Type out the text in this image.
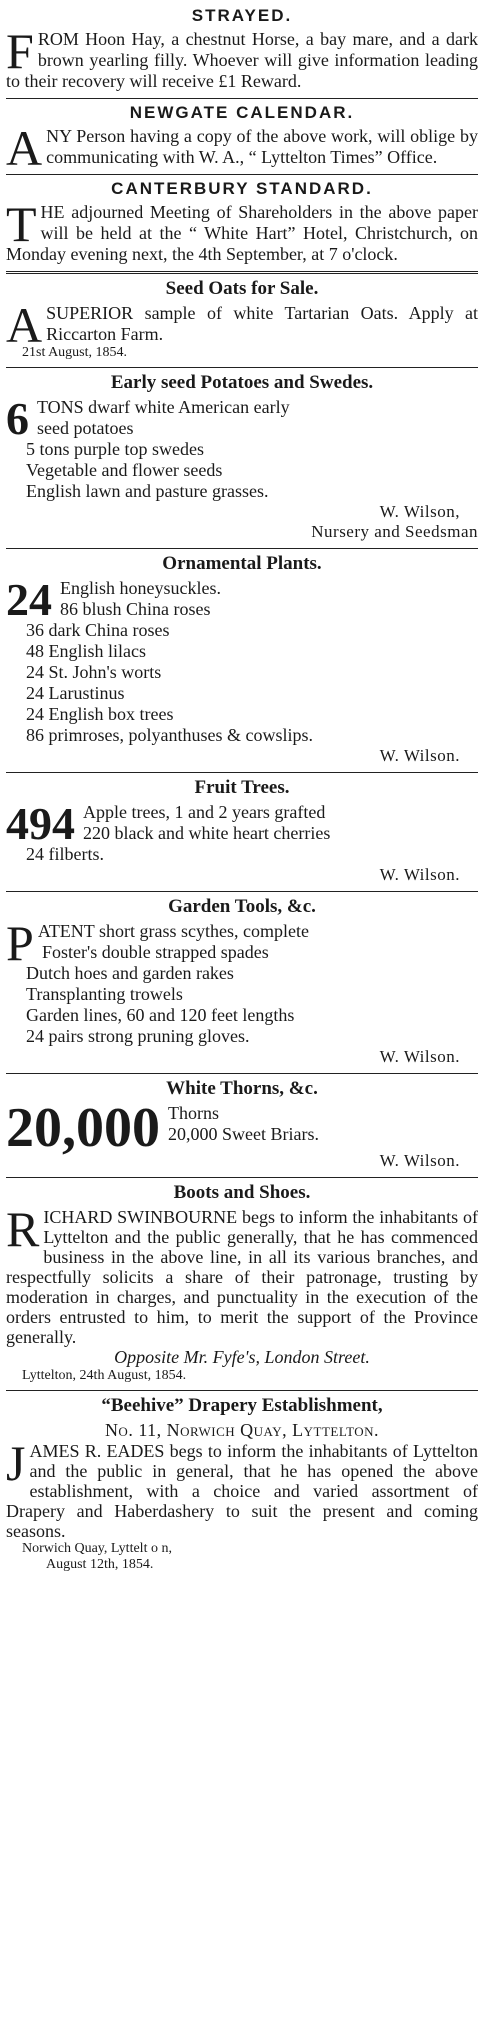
STRAYED.
F ROM Hoon Hay, a chestnut Horse, a bay mare, and a dark brown yearling filly. Whoever will give information leading to their recovery will receive £1 Reward.
NEWGATE CALENDAR.
A NY Person having a copy of the above work, will oblige by communicating with W. A., “ Lyttelton Times” Office.
CANTERBURY STANDARD.
T HE adjourned Meeting of Shareholders in the above paper will be held at the “ White Hart” Hotel, Christchurch, on Monday evening next, the 4th September, at 7 o'clock.
Seed Oats for Sale.
A SUPERIOR sample of white Tartarian Oats. Apply at Riccarton Farm.
21st August, 1854.
Early seed Potatoes and Swedes.
6 TONS dwarf white American early
seed potatoes
5 tons purple top swedes
Vegetable and flower seeds
English lawn and pasture grasses.
W. Wilson,
Nursery and Seedsman
Ornamental Plants.
24 English honeysuckles.
86 blush China roses
36 dark China roses
48 English lilacs
24 St. John's worts
24 Larustinus
24 English box trees
86 primroses, polyanthuses & cowslips.
W. Wilson.
Fruit Trees.
494 Apple trees, 1 and 2 years grafted
220 black and white heart cherries
24 filberts.
W. Wilson.
Garden Tools, &c.
P ATENT short grass scythes, complete
Foster's double strapped spades
Dutch hoes and garden rakes
Transplanting trowels
Garden lines, 60 and 120 feet lengths
24 pairs strong pruning gloves.
W. Wilson.
White Thorns, &c.
20,000 Thorns
20,000 Sweet Briars.
W. Wilson.
Boots and Shoes.
R ICHARD SWINBOURNE begs to inform the inhabitants of Lyttelton and the public generally, that he has commenced business in the above line, in all its various branches, and respectfully solicits a share of their patronage, trusting by moderation in charges, and punctuality in the execution of the orders entrusted to him, to merit the support of the Province generally.
Opposite Mr. Fyfe's, London Street.
Lyttelton, 24th August, 1854.
“Beehive” Drapery Establishment,
No. 11, Norwich Quay, Lyttelton.
J AMES R. EADES begs to inform the inhabitants of Lyttelton and the public in general, that he has opened the above establishment, with a choice and varied assortment of Drapery and Haberdashery to suit the present and coming seasons.
Norwich Quay, Lyttelt o n,
August 12th, 1854.
